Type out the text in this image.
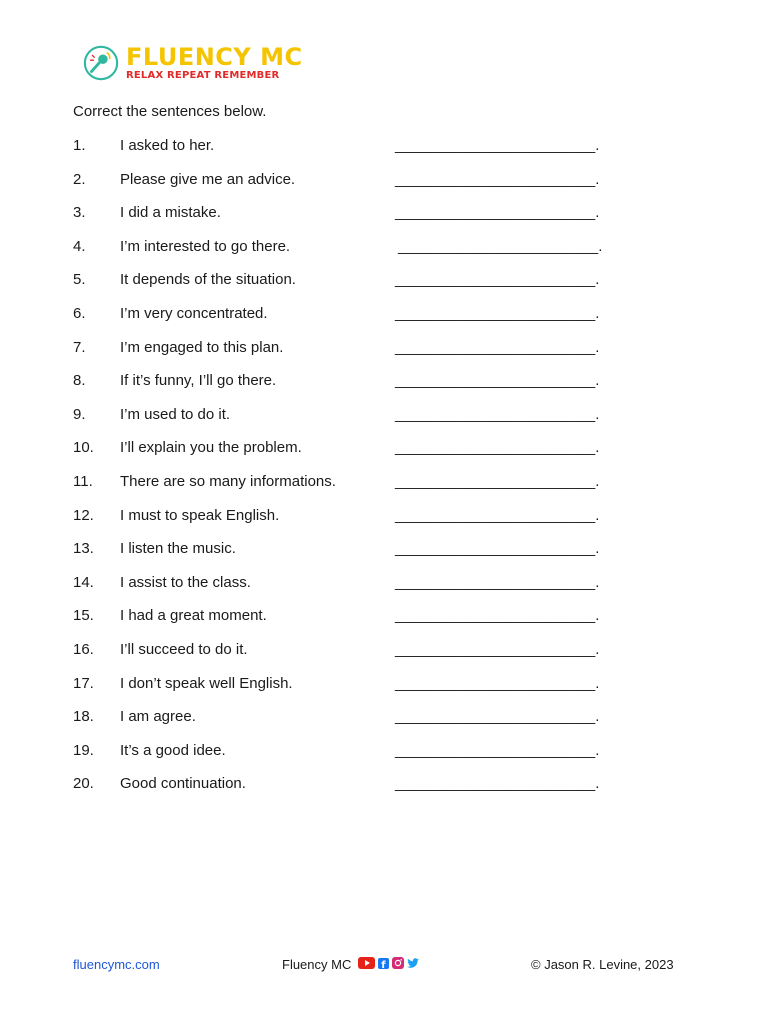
FLUENCY MC
RELAX REPEAT REMEMBER
Correct the sentences below.
1. I asked to her.	________________________.
2. Please give me an advice.	________________________.
3. I did a mistake.	________________________.
4. I’m interested to go there.	________________________.
5. It depends of the situation.	________________________.
6. I’m very concentrated.	________________________.
7. I’m engaged to this plan.	________________________.
8. If it’s funny, I’ll go there.	________________________.
9. I’m used to do it.	________________________.
10. I’ll explain you the problem.	________________________.
11. There are so many informations.	________________________.
12. I must to speak English.	________________________.
13. I listen the music.	________________________.
14. I assist to the class.	________________________.
15. I had a great moment.	________________________.
16. I’ll succeed to do it.	________________________.
17. I don’t speak well English.	________________________.
18. I am agree.	________________________.
19. It’s a good idee.	________________________.
20. Good continuation.	________________________.
fluencymc.com	Fluency MC	f	© Jason R. Levine, 2023
